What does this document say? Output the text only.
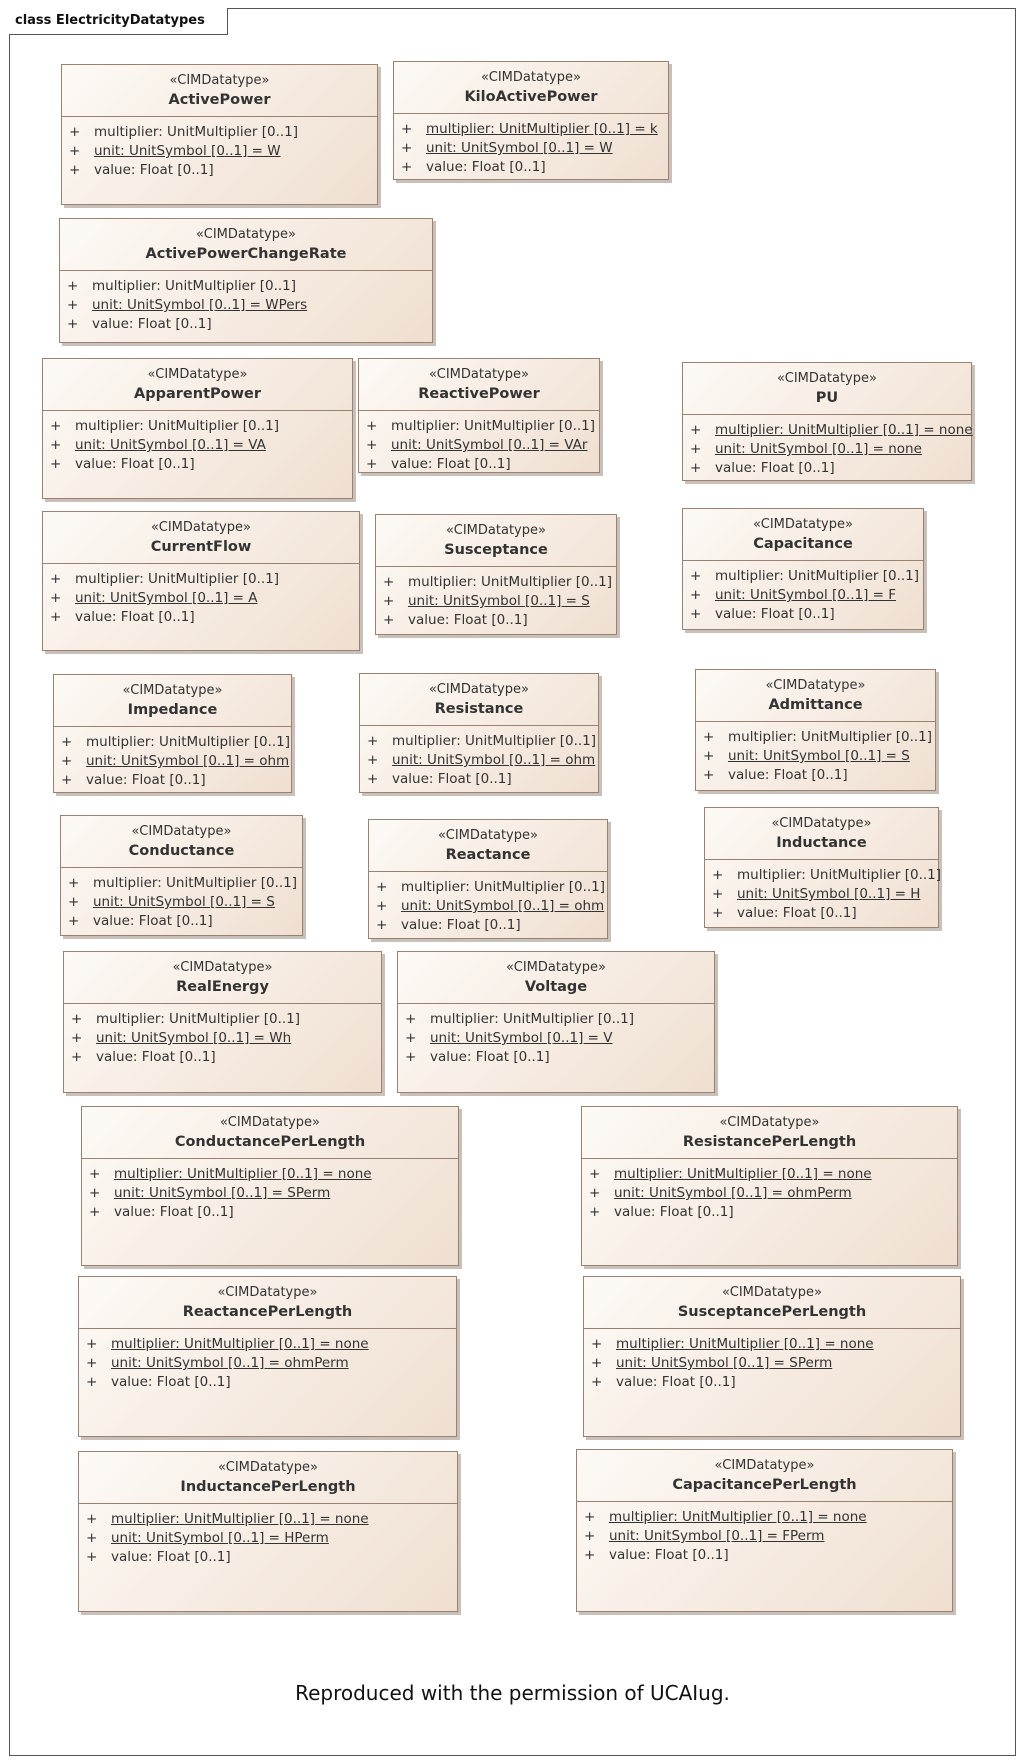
class ElectricityDatatypes
«CIMDatatype»
ActivePower
+ multiplier: UnitMultiplier [0..1]
+ unit: UnitSymbol [0..1] = W
+ value: Float [0..1]
«CIMDatatype»
KiloActivePower
+ multiplier: UnitMultiplier [0..1] = k
+ unit: UnitSymbol [0..1] = W
+ value: Float [0..1]
«CIMDatatype»
ActivePowerChangeRate
+ multiplier: UnitMultiplier [0..1]
+ unit: UnitSymbol [0..1] = WPers
+ value: Float [0..1]
«CIMDatatype»
ApparentPower
+ multiplier: UnitMultiplier [0..1]
+ unit: UnitSymbol [0..1] = VA
+ value: Float [0..1]
«CIMDatatype»
ReactivePower
+ multiplier: UnitMultiplier [0..1]
+ unit: UnitSymbol [0..1] = VAr
+ value: Float [0..1]
«CIMDatatype»
PU
+ multiplier: UnitMultiplier [0..1] = none
+ unit: UnitSymbol [0..1] = none
+ value: Float [0..1]
«CIMDatatype»
CurrentFlow
+ multiplier: UnitMultiplier [0..1]
+ unit: UnitSymbol [0..1] = A
+ value: Float [0..1]
«CIMDatatype»
Susceptance
+ multiplier: UnitMultiplier [0..1]
+ unit: UnitSymbol [0..1] = S
+ value: Float [0..1]
«CIMDatatype»
Capacitance
+ multiplier: UnitMultiplier [0..1]
+ unit: UnitSymbol [0..1] = F
+ value: Float [0..1]
«CIMDatatype»
Impedance
+ multiplier: UnitMultiplier [0..1]
+ unit: UnitSymbol [0..1] = ohm
+ value: Float [0..1]
«CIMDatatype»
Resistance
+ multiplier: UnitMultiplier [0..1]
+ unit: UnitSymbol [0..1] = ohm
+ value: Float [0..1]
«CIMDatatype»
Admittance
+ multiplier: UnitMultiplier [0..1]
+ unit: UnitSymbol [0..1] = S
+ value: Float [0..1]
«CIMDatatype»
Conductance
+ multiplier: UnitMultiplier [0..1]
+ unit: UnitSymbol [0..1] = S
+ value: Float [0..1]
«CIMDatatype»
Reactance
+ multiplier: UnitMultiplier [0..1]
+ unit: UnitSymbol [0..1] = ohm
+ value: Float [0..1]
«CIMDatatype»
Inductance
+ multiplier: UnitMultiplier [0..1]
+ unit: UnitSymbol [0..1] = H
+ value: Float [0..1]
«CIMDatatype»
RealEnergy
+ multiplier: UnitMultiplier [0..1]
+ unit: UnitSymbol [0..1] = Wh
+ value: Float [0..1]
«CIMDatatype»
Voltage
+ multiplier: UnitMultiplier [0..1]
+ unit: UnitSymbol [0..1] = V
+ value: Float [0..1]
«CIMDatatype»
ConductancePerLength
+ multiplier: UnitMultiplier [0..1] = none
+ unit: UnitSymbol [0..1] = SPerm
+ value: Float [0..1]
«CIMDatatype»
ResistancePerLength
+ multiplier: UnitMultiplier [0..1] = none
+ unit: UnitSymbol [0..1] = ohmPerm
+ value: Float [0..1]
«CIMDatatype»
ReactancePerLength
+ multiplier: UnitMultiplier [0..1] = none
+ unit: UnitSymbol [0..1] = ohmPerm
+ value: Float [0..1]
«CIMDatatype»
SusceptancePerLength
+ multiplier: UnitMultiplier [0..1] = none
+ unit: UnitSymbol [0..1] = SPerm
+ value: Float [0..1]
«CIMDatatype»
InductancePerLength
+ multiplier: UnitMultiplier [0..1] = none
+ unit: UnitSymbol [0..1] = HPerm
+ value: Float [0..1]
«CIMDatatype»
CapacitancePerLength
+ multiplier: UnitMultiplier [0..1] = none
+ unit: UnitSymbol [0..1] = FPerm
+ value: Float [0..1]
Reproduced with the permission of UCAIug.
